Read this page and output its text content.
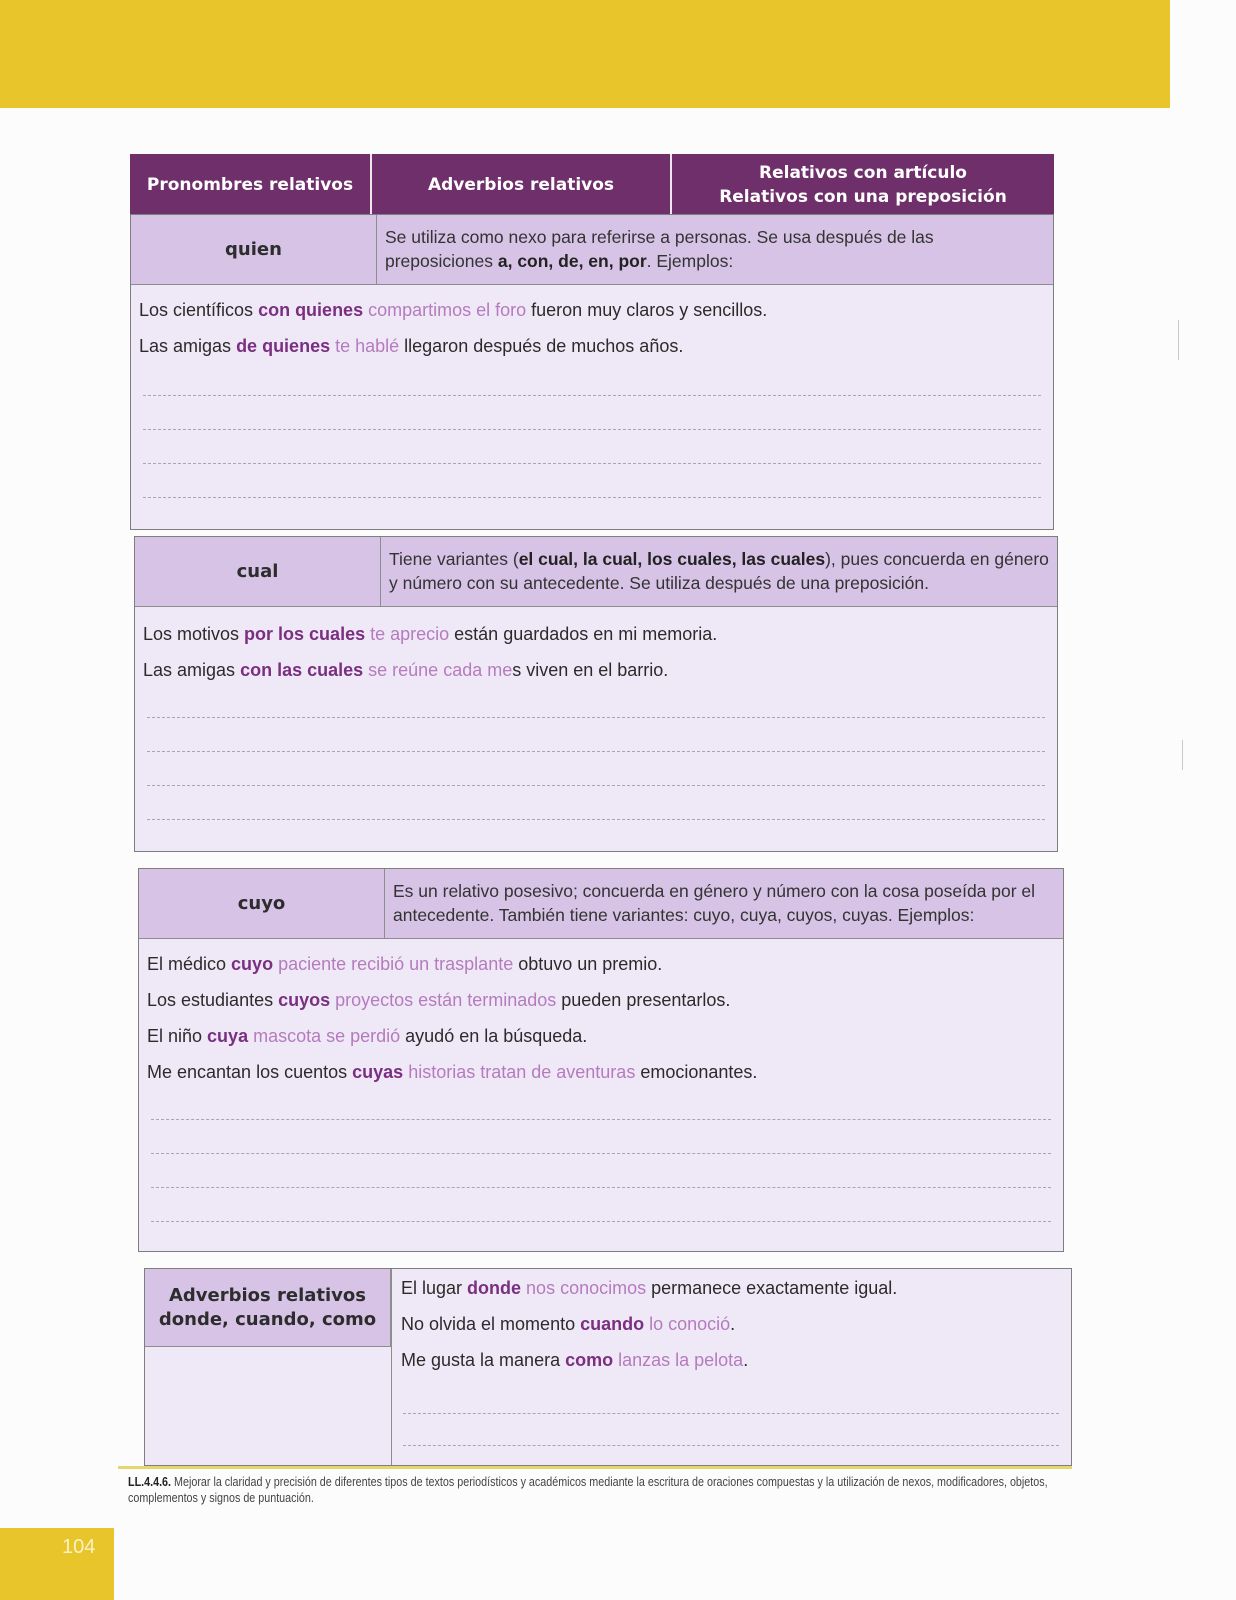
Pronombres relativos	Adverbios relativos
Relativos con artículo
Relativos con una preposición
quien
Se utiliza como nexo para referirse a personas. Se usa después de las preposiciones a, con, de, en, por. Ejemplos:
Los científicos con quienes compartimos el foro fueron muy claros y sencillos.
Las amigas de quienes te hablé llegaron después de muchos años.
cual
Tiene variantes (el cual, la cual, los cuales, las cuales), pues concuerda en género y número con su antecedente. Se utiliza después de una preposición.
Los motivos por los cuales te aprecio están guardados en mi memoria.
Las amigas con las cuales se reúne cada mes viven en el barrio.
cuyo
Es un relativo posesivo; concuerda en género y número con la cosa poseída por el antecedente. También tiene variantes: cuyo, cuya, cuyos, cuyas. Ejemplos:
El médico cuyo paciente recibió un trasplante obtuvo un premio.
Los estudiantes cuyos proyectos están terminados pueden presentarlos.
El niño cuya mascota se perdió ayudó en la búsqueda.
Me encantan los cuentos cuyas historias tratan de aventuras emocionantes.
Adverbios relativos
donde, cuando, como
El lugar donde nos conocimos permanece exactamente igual.
No olvida el momento cuando lo conoció.
Me gusta la manera como lanzas la pelota.
LL.4.4.6. Mejorar la claridad y precisión de diferentes tipos de textos periodísticos y académicos mediante la escritura de oraciones compuestas y la utilización de nexos, modificadores, objetos, complementos y signos de puntuación.
104
